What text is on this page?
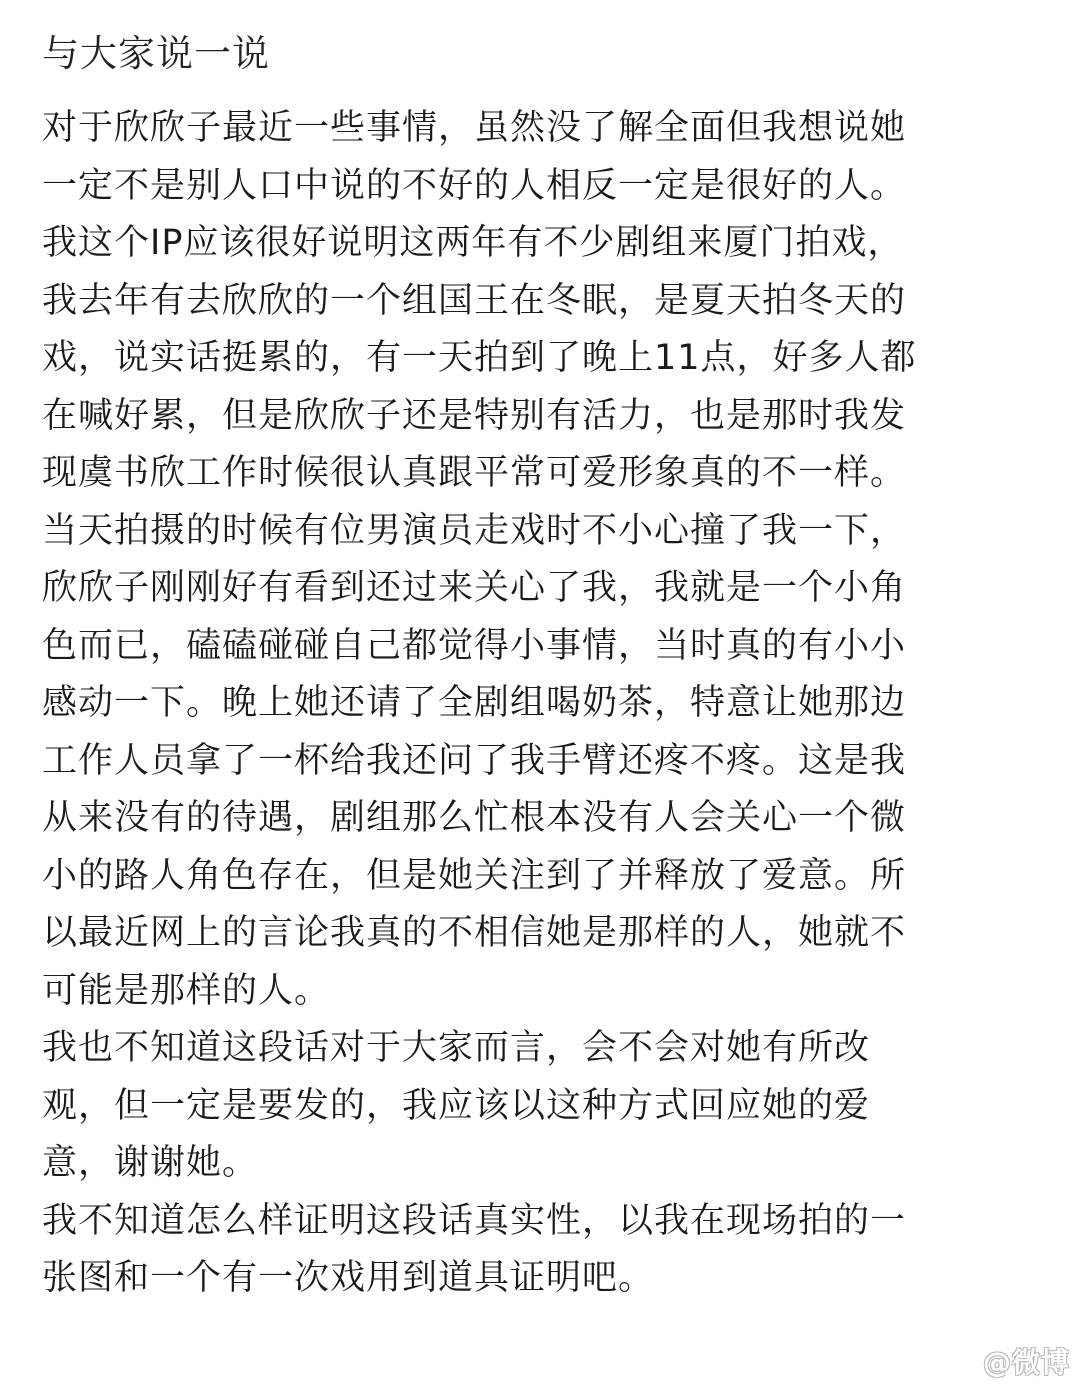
与大家说一说
对于欣欣子最近一些事情，虽然没了解全面但我想说她
一定不是别人口中说的不好的人相反一定是很好的人。
我这个IP应该很好说明这两年有不少剧组来厦门拍戏，
我去年有去欣欣的一个组国王在冬眠，是夏天拍冬天的
戏，说实话挺累的，有一天拍到了晚上11点，好多人都
在喊好累，但是欣欣子还是特别有活力，也是那时我发
现虞书欣工作时候很认真跟平常可爱形象真的不一样。
当天拍摄的时候有位男演员走戏时不小心撞了我一下，
欣欣子刚刚好有看到还过来关心了我，我就是一个小角
色而已，磕磕碰碰自己都觉得小事情，当时真的有小小
感动一下。晚上她还请了全剧组喝奶茶，特意让她那边
工作人员拿了一杯给我还问了我手臂还疼不疼。这是我
从来没有的待遇，剧组那么忙根本没有人会关心一个微
小的路人角色存在，但是她关注到了并释放了爱意。所
以最近网上的言论我真的不相信她是那样的人，她就不
可能是那样的人。
我也不知道这段话对于大家而言，会不会对她有所改
观，但一定是要发的，我应该以这种方式回应她的爱
意，谢谢她。
我不知道怎么样证明这段话真实性，以我在现场拍的一
张图和一个有一次戏用到道具证明吧。
@微博
